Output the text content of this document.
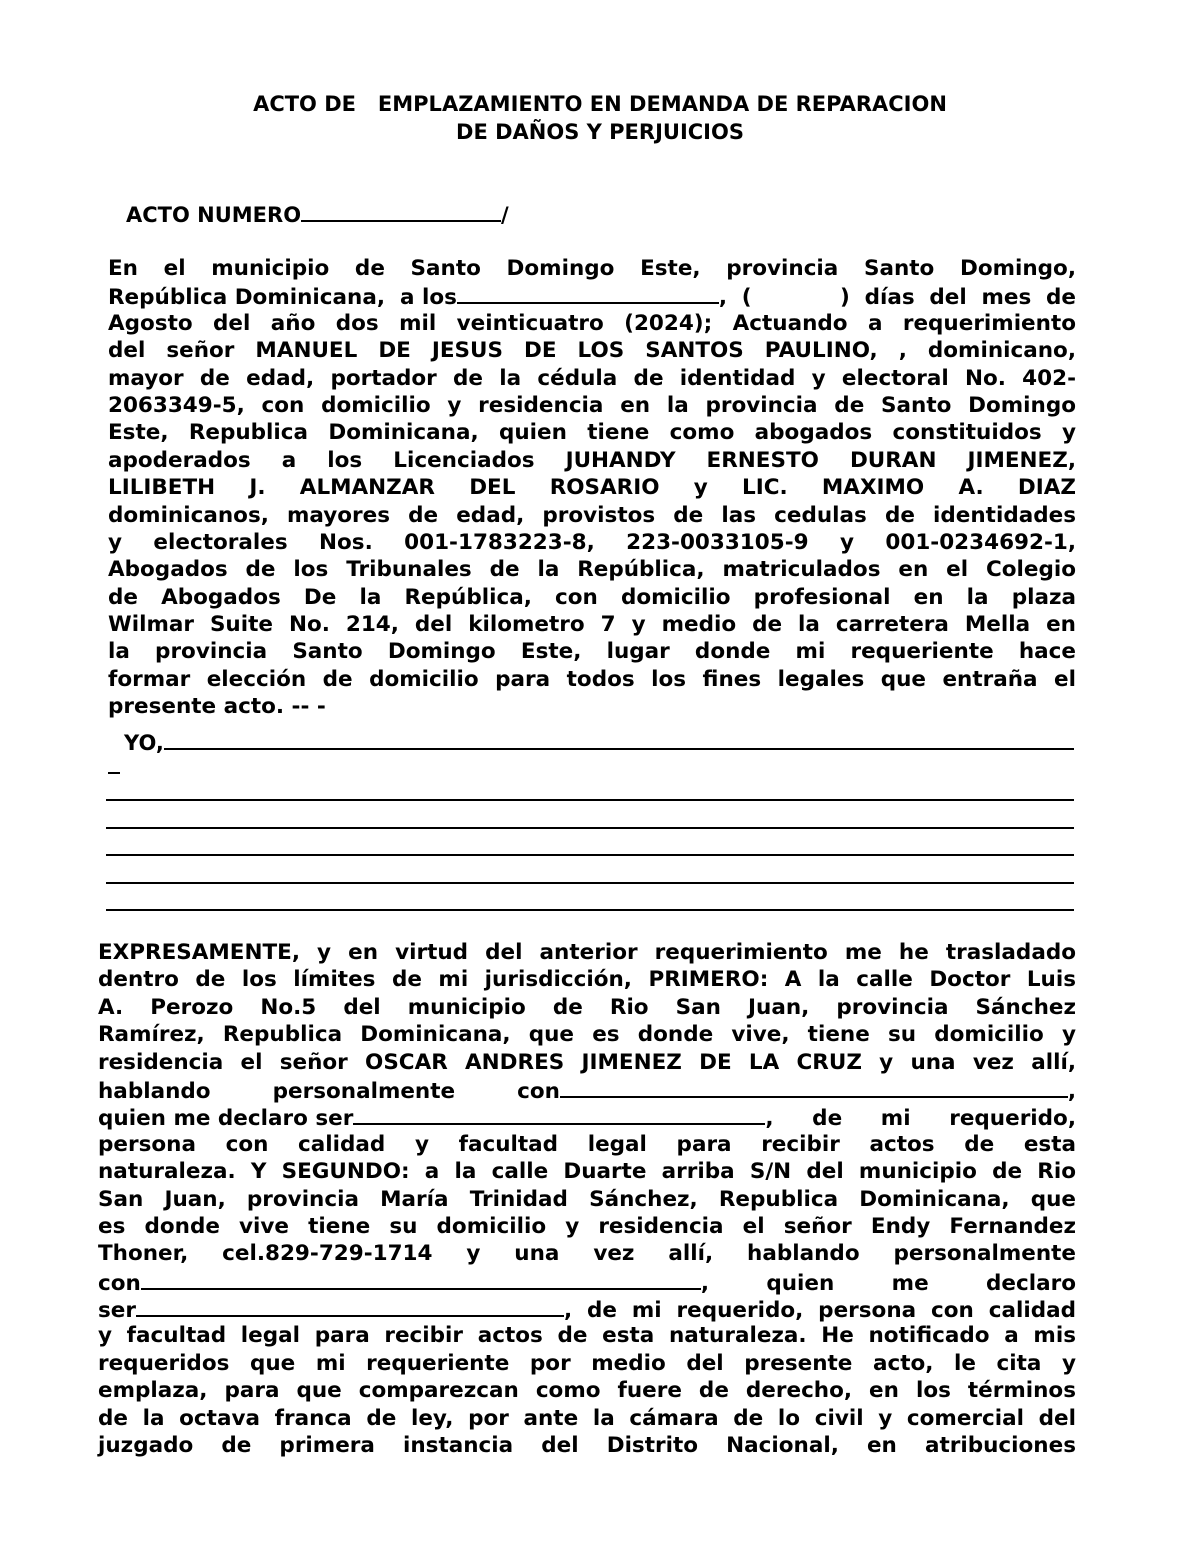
ACTO DE   EMPLAZAMIENTO EN DEMANDA DE REPARACION
DE DAÑOS Y PERJUICIOS
ACTO NUMERO	/
En el municipio de Santo Domingo Este, provincia Santo Domingo,
República Dominicana,  a los	, (      ) días del mes de
Agosto del año dos mil veinticuatro (2024); Actuando a requerimiento
del señor MANUEL DE JESUS DE LOS SANTOS PAULINO, , dominicano,
mayor de edad, portador de la cédula de identidad y electoral No. 402-
2063349-5, con domicilio y residencia en la provincia de Santo Domingo
Este, Republica Dominicana, quien tiene como abogados constituidos y
apoderados a los Licenciados JUHANDY ERNESTO DURAN JIMENEZ,
LILIBETH J. ALMANZAR DEL ROSARIO y LIC. MAXIMO A. DIAZ
dominicanos, mayores de edad, provistos de las cedulas de identidades
y electorales Nos. 001-1783223-8, 223-0033105-9 y 001-0234692-1,
Abogados de los Tribunales de la República, matriculados en el Colegio
de Abogados De la República, con domicilio profesional en la plaza
Wilmar Suite No. 214, del kilometro 7 y medio de la carretera Mella en
la provincia Santo Domingo Este, lugar donde mi requeriente hace
formar elección de domicilio para todos los fines legales que entraña el
presente acto. -- -
YO,
EXPRESAMENTE, y en virtud del anterior requerimiento me he trasladado
dentro de los límites de mi jurisdicción, PRIMERO: A la calle Doctor Luis
A. Perozo No.5 del municipio de Rio San Juan, provincia Sánchez
Ramírez, Republica Dominicana, que es donde vive, tiene su domicilio y
residencia el señor OSCAR ANDRES JIMENEZ DE LA CRUZ y una vez allí,
hablando personalmente con	,
quien me declaro ser	, de mi requerido,
persona con calidad y facultad legal para recibir actos de esta
naturaleza. Y SEGUNDO: a la calle Duarte arriba S/N del municipio de Rio
San Juan, provincia María Trinidad Sánchez, Republica Dominicana, que
es donde vive tiene su domicilio y residencia el señor Endy Fernandez
Thoner, cel.829-729-1714 y una vez allí, hablando personalmente
con	, quien me declaro
ser	, de mi requerido, persona con calidad
y facultad legal para recibir actos de esta naturaleza. He notificado a mis
requeridos que mi requeriente por medio del presente acto, le cita y
emplaza, para que comparezcan como fuere de derecho, en los términos
de la octava franca de ley, por ante la cámara de lo civil y comercial del
juzgado de primera instancia del Distrito Nacional, en atribuciones
